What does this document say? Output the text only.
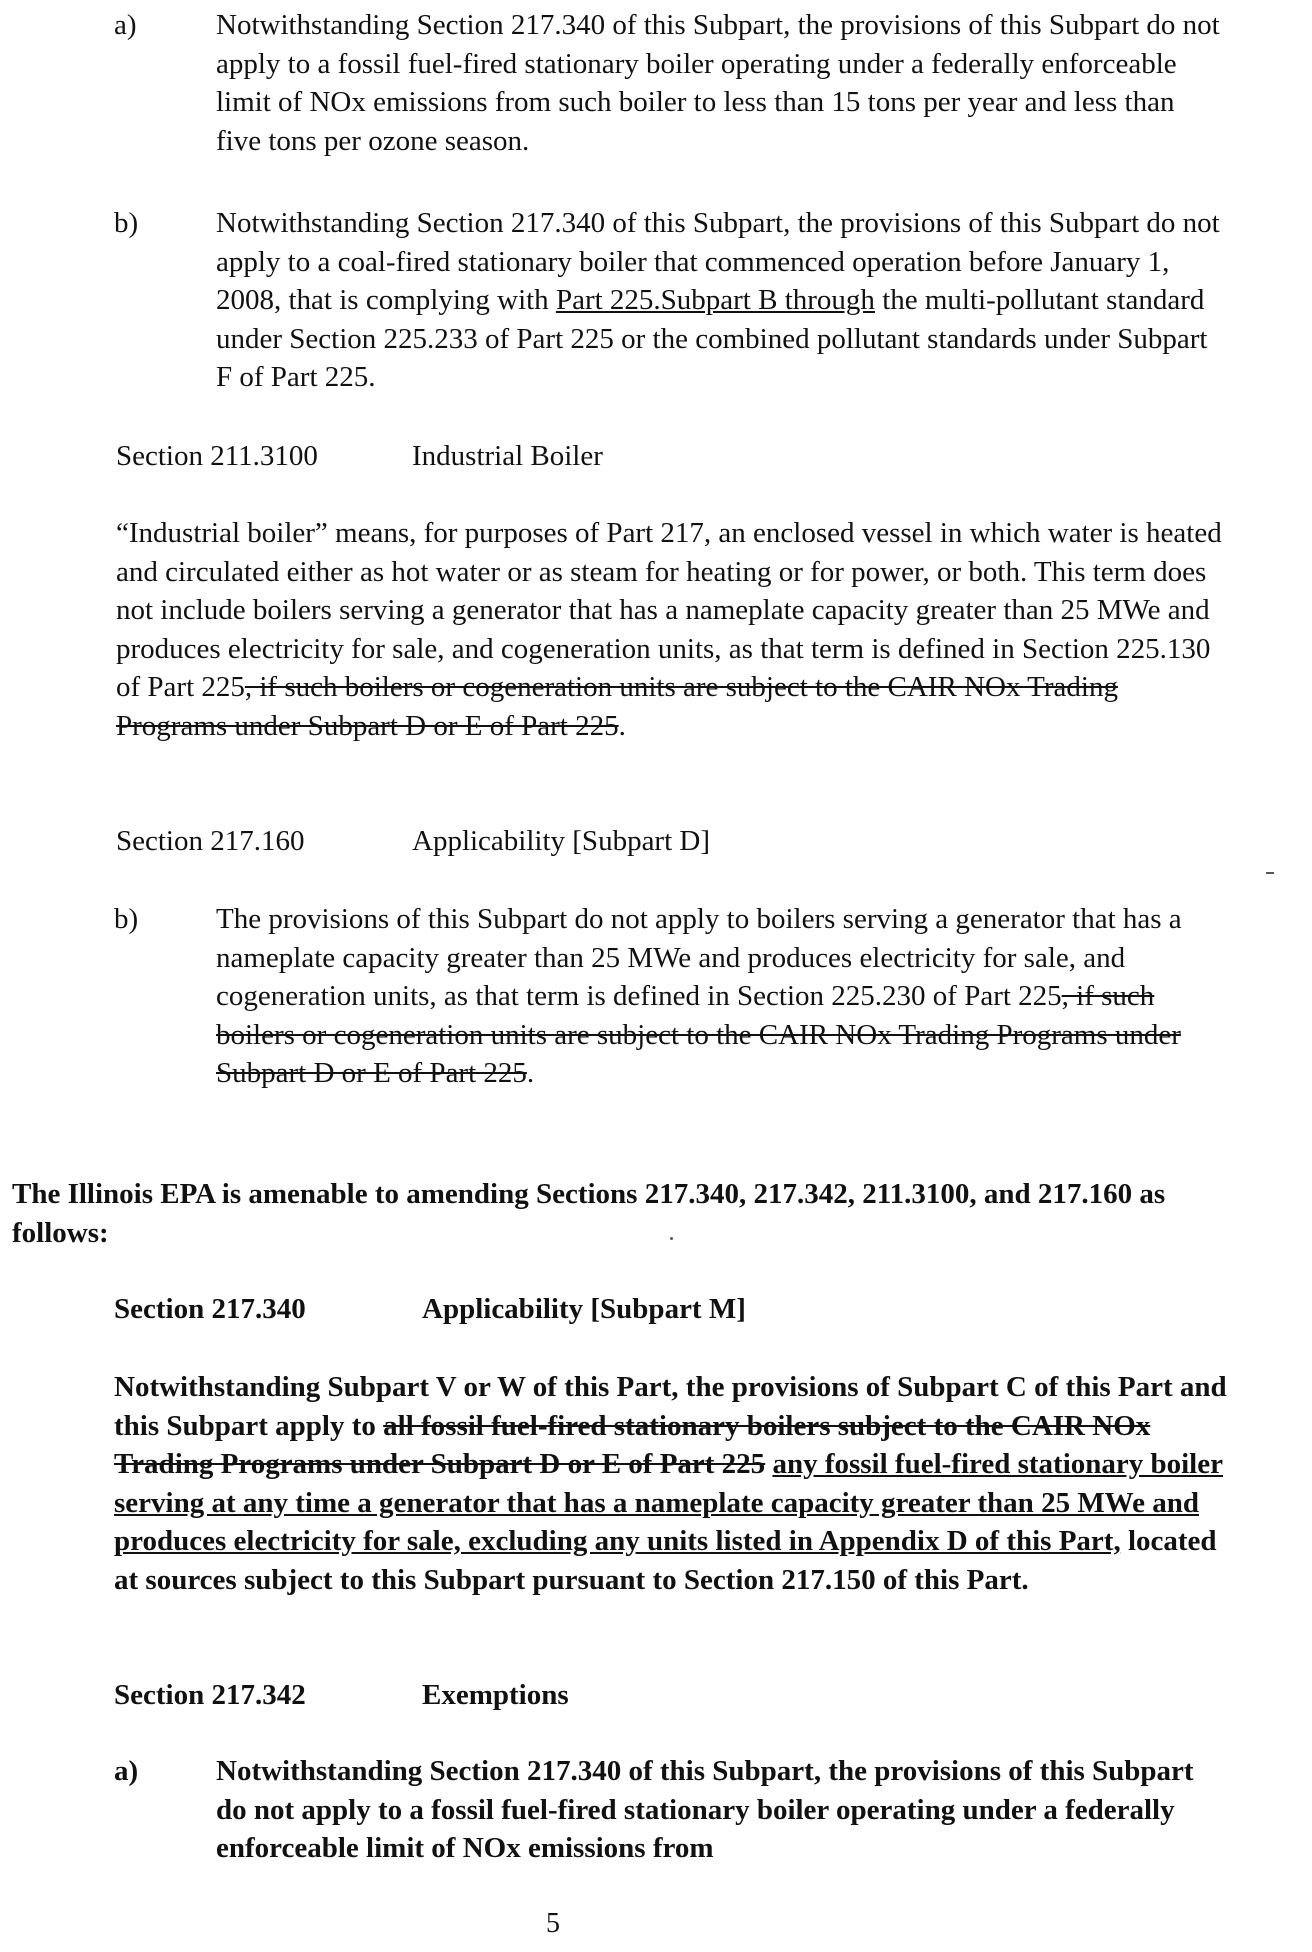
a)	Notwithstanding Section 217.340 of this Subpart, the provisions of this Subpart do not apply to a fossil fuel-fired stationary boiler operating under a federally enforceable limit of NOx emissions from such boiler to less than 15 tons per year and less than five tons per ozone season.

b)	Notwithstanding Section 217.340 of this Subpart, the provisions of this Subpart do not apply to a coal-fired stationary boiler that commenced operation before January 1, 2008, that is complying with Part 225.Subpart B through the multi-pollutant standard under Section 225.233 of Part 225 or the combined pollutant standards under Subpart F of Part 225.

Section 211.3100	Industrial Boiler

“Industrial boiler” means, for purposes of Part 217, an enclosed vessel in which water is heated and circulated either as hot water or as steam for heating or for power, or both. This term does not include boilers serving a generator that has a nameplate capacity greater than 25 MWe and produces electricity for sale, and cogeneration units, as that term is defined in Section 225.130 of Part 225, if such boilers or cogeneration units are subject to the CAIR NOx Trading Programs under Subpart D or E of Part 225.

Section 217.160	Applicability [Subpart D]

b)	The provisions of this Subpart do not apply to boilers serving a generator that has a nameplate capacity greater than 25 MWe and produces electricity for sale, and cogeneration units, as that term is defined in Section 225.230 of Part 225, if such boilers or cogeneration units are subject to the CAIR NOx Trading Programs under Subpart D or E of Part 225.

The Illinois EPA is amenable to amending Sections 217.340, 217.342, 211.3100, and 217.160 as follows:

Section 217.340	Applicability [Subpart M]

Notwithstanding Subpart V or W of this Part, the provisions of Subpart C of this Part and this Subpart apply to all fossil fuel-fired stationary boilers subject to the CAIR NOx Trading Programs under Subpart D or E of Part 225 any fossil fuel-fired stationary boiler serving at any time a generator that has a nameplate capacity greater than 25 MWe and produces electricity for sale, excluding any units listed in Appendix D of this Part, located at sources subject to this Subpart pursuant to Section 217.150 of this Part.

Section 217.342	Exemptions

a)	Notwithstanding Section 217.340 of this Subpart, the provisions of this Subpart do not apply to a fossil fuel-fired stationary boiler operating under a federally enforceable limit of NOx emissions from

5
